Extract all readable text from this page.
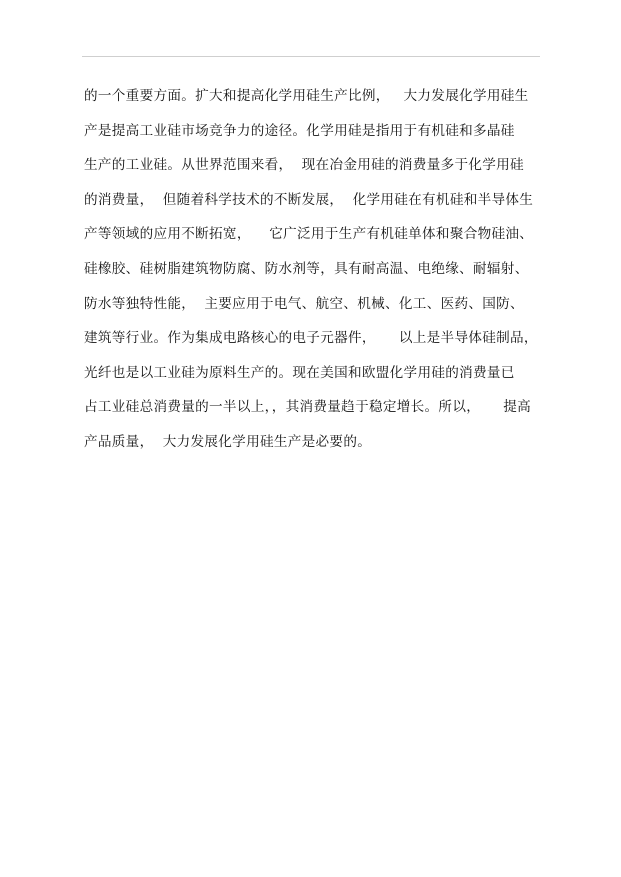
的一个重要方面。扩大和提高化学用硅生产比例，   大力发展化学用硅生
产是提高工业硅市场竞争力的途径。化学用硅是指用于有机硅和多晶硅
生产的工业硅。从世界范围来看，  现在冶金用硅的消费量多于化学用硅
的消费量，  但随着科学技术的不断发展，  化学用硅在有机硅和半导体生
产等领域的应用不断拓宽，    它广泛用于生产有机硅单体和聚合物硅油、
硅橡胶、硅树脂建筑物防腐、防水剂等，具有耐高温、电绝缘、耐辐射、
防水等独特性能，  主要应用于电气、航空、机械、化工、医药、国防、
建筑等行业。作为集成电路核心的电子元器件，     以上是半导体硅制品，
光纤也是以工业硅为原料生产的。现在美国和欧盟化学用硅的消费量已
占工业硅总消费量的一半以上，，其消费量趋于稳定增长。所以，     提高
产品质量，  大力发展化学用硅生产是必要的。
